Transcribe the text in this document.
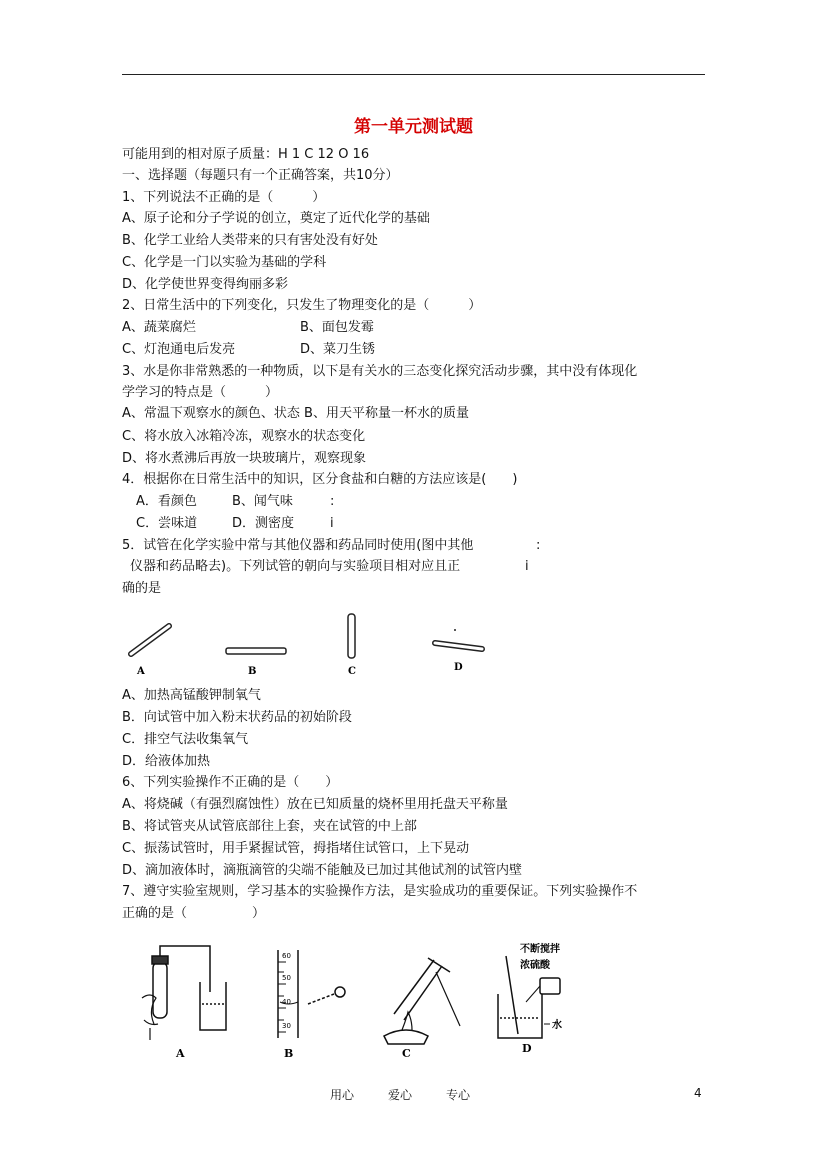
第一单元测试题
可能用到的相对原子质量：H 1 C 12 O 16
一、选择题（每题只有一个正确答案，共10分）
1、下列说法不正确的是（　　　）
A、原子论和分子学说的创立，奠定了近代化学的基础
B、化学工业给人类带来的只有害处没有好处
C、化学是一门以实验为基础的学科
D、化学使世界变得绚丽多彩
2、日常生活中的下列变化，只发生了物理变化的是（　　　）
A、蔬菜腐烂	B、面包发霉
C、灯泡通电后发亮	D、菜刀生锈
3、水是你非常熟悉的一种物质，以下是有关水的三态变化探究活动步骤，其中没有体现化
学学习的特点是（　　　）
A、常温下观察水的颜色、状态 B、用天平称量一杯水的质量
C、将水放入冰箱冷冻，观察水的状态变化
D、将水煮沸后再放一块玻璃片，观察现象
4．根据你在日常生活中的知识，区分食盐和白糖的方法应该是(　　)
A．看颜色	B、闻气味	:
C．尝味道	D．测密度	i
5．试管在化学实验中常与其他仪器和药品同时使用(图中其他	:
仪器和药品略去)。下列试管的朝向与实验项目相对应且正	i
确的是
A	B	C	D
A、加热高锰酸钾制氧气
B．向试管中加入粉末状药品的初始阶段
C．排空气法收集氧气
D．给液体加热
6、下列实验操作不正确的是（　　）
A、将烧碱（有强烈腐蚀性）放在已知质量的烧杯里用托盘天平称量
B、将试管夹从试管底部往上套，夹在试管的中上部
C、振荡试管时，用手紧握试管，拇指堵住试管口，上下晃动
D、滴加液体时，滴瓶滴管的尖端不能触及已加过其他试剂的试管内壁
7、遵守实验室规则，学习基本的实验操作方法，是实验成功的重要保证。下列实验操作不
正确的是（　　　　　）
A
60
50
40
30
B	C
不断搅拌
浓硫酸
水
D
用心	爱心	专心	4
